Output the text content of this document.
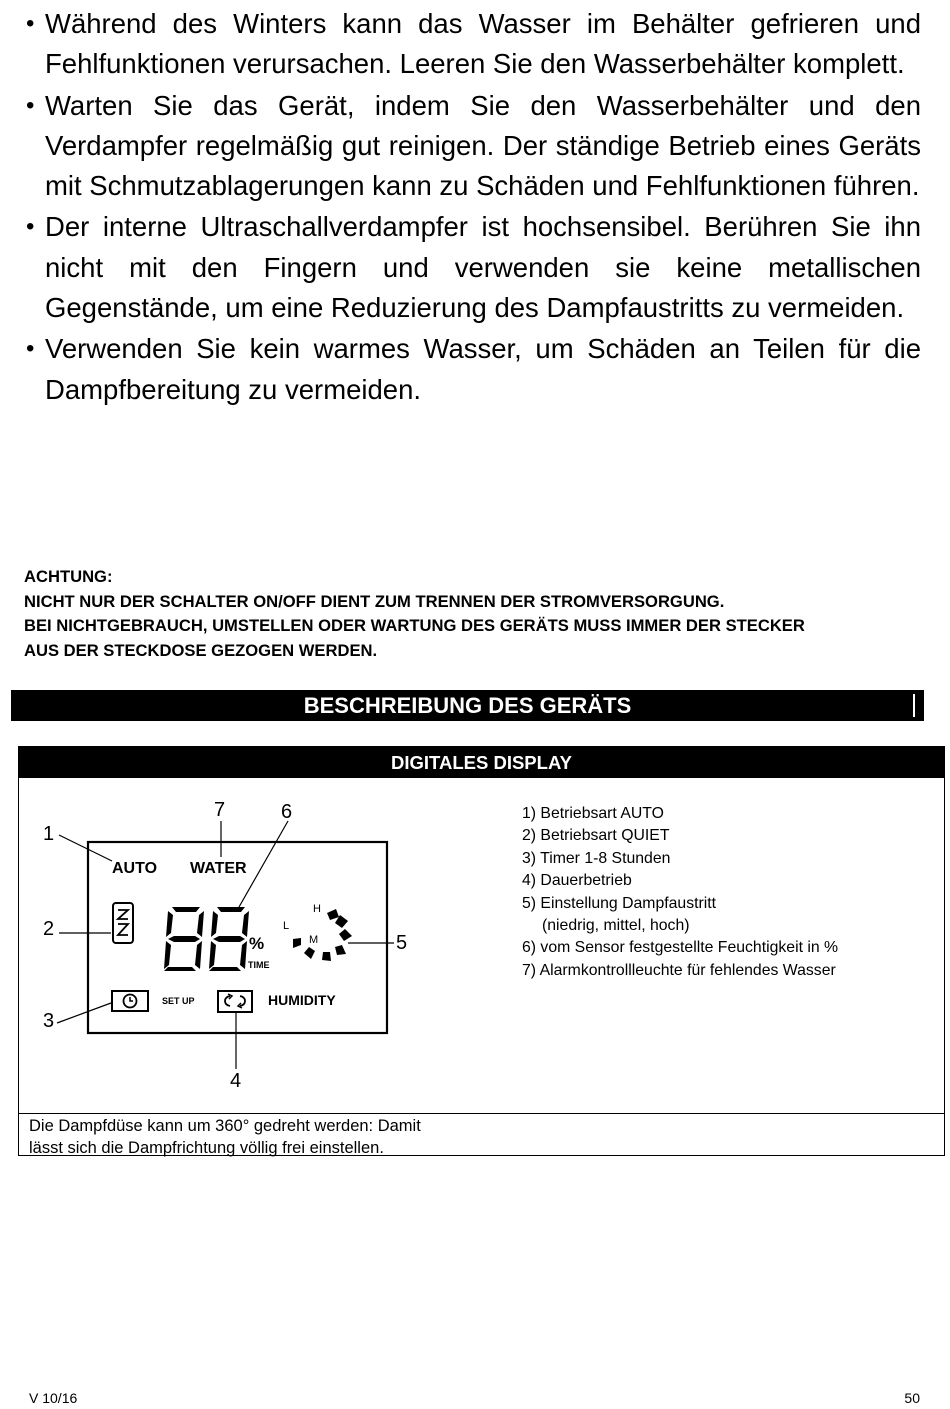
• Während des Winters kann das Wasser im Behälter gefrieren und Fehlfunktionen verursachen. Leeren Sie den Wasserbehälter komplett.
• Warten Sie das Gerät, indem Sie den Wasserbehälter und den Verdampfer regelmäßig gut reinigen. Der ständige Betrieb eines Geräts mit Schmutzablagerungen kann zu Schäden und Fehlfunktionen führen.
• Der interne Ultraschallverdampfer ist hochsensibel. Berühren Sie ihn nicht mit den Fingern und verwenden sie keine metallischen Gegenstände, um eine Reduzierung des Dampfaustritts zu vermeiden.
• Verwenden Sie kein warmes Wasser, um Schäden an Teilen für die Dampfbereitung zu vermeiden.
ACHTUNG:
NICHT NUR DER SCHALTER ON/OFF DIENT ZUM TRENNEN DER STROMVERSORGUNG.
BEI NICHTGEBRAUCH, UMSTELLEN ODER WARTUNG DES GERÄTS MUSS IMMER DER STECKER
AUS DER STECKDOSE GEZOGEN WERDEN.
BESCHREIBUNG DES GERÄTS
DIGITALES DISPLAY
AUTO WATER
88
%
TIME
H
M
L
SET UP	HUMIDITY
1
2
3
4
5
6
7	1) Betriebsart AUTO
2) Betriebsart QUIET
3) Timer 1-8 Stunden
4) Dauerbetrieb
5) Einstellung Dampfaustritt
(niedrig, mittel, hoch)
6) vom Sensor festgestellte Feuchtigkeit in %
7) Alarmkontrollleuchte für fehlendes Wasser
Die Dampfdüse kann um 360° gedreht werden: Damit
lässt sich die Dampfrichtung völlig frei einstellen.
V 10/16	50
